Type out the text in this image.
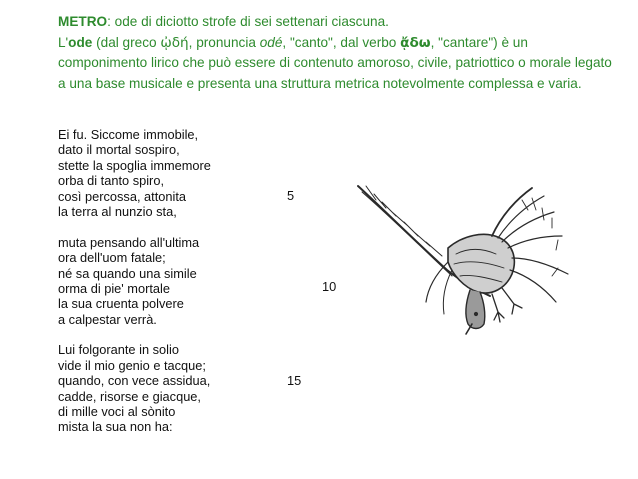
METRO: ode di diciotto strofe di sei settenari ciascuna.
L'ode (dal greco ᾠδή, pronuncia odé, "canto", dal verbo ᾄδω, "cantare") è un componimento lirico che può essere di contenuto amoroso, civile, patriottico o morale legato a una base musicale e presenta una struttura metrica notevolmente complessa e varia.
Ei fu. Siccome immobile,
dato il mortal sospiro,
stette la spoglia immemore
orba di tanto spiro,
così percossa, attonita
la terra al nunzio sta,
muta pensando all'ultima
ora dell'uom fatale;
né sa quando una simile
orma di pie' mortale
la sua cruenta polvere
a calpestar verrà.
Lui folgorante in solio
vide il mio genio e tacque;
quando, con vece assidua,
cadde, risorse e giacque,
di mille voci al sònito
mista la sua non ha:
5
10
15
